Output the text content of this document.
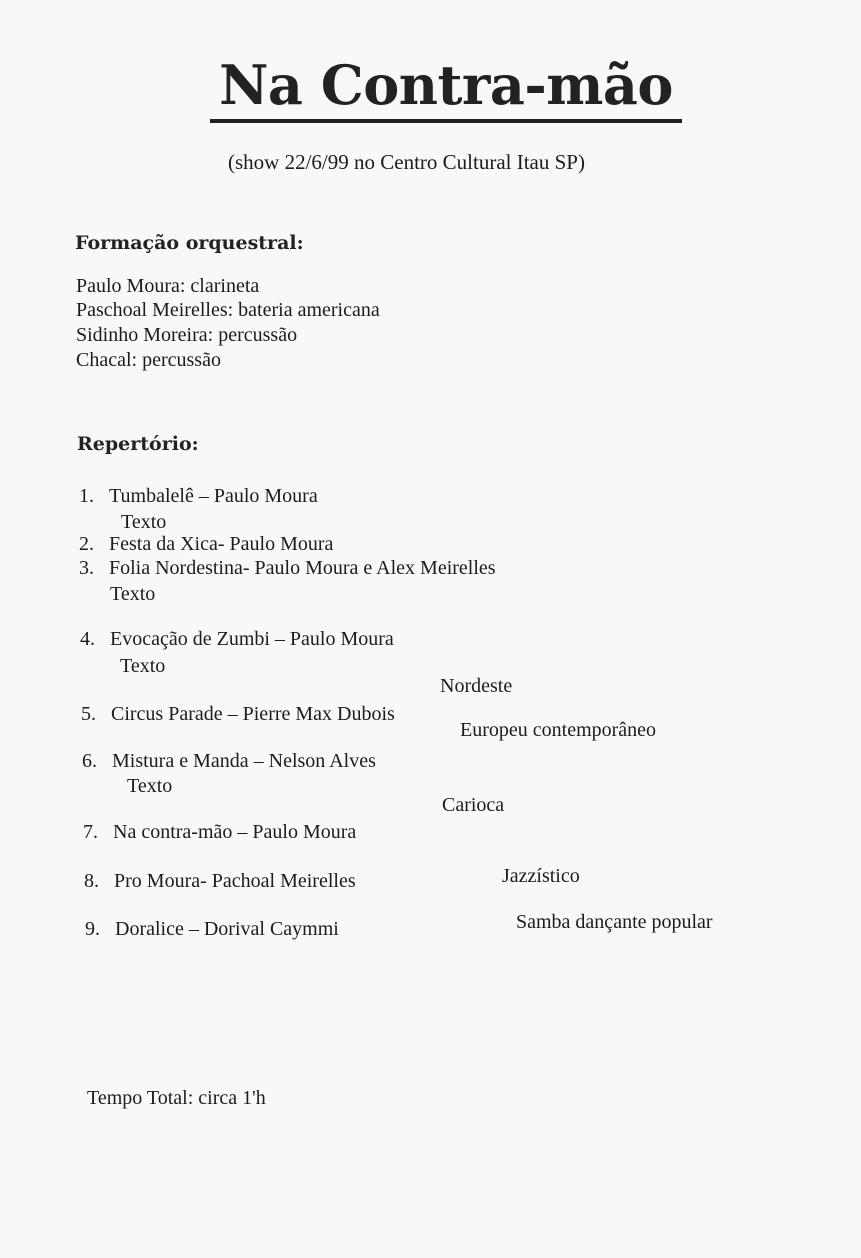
Na Contra-mão
(show 22/6/99 no Centro Cultural Itau SP)
Formação orquestral:
Paulo Moura: clarineta
Paschoal Meirelles: bateria americana
Sidinho Moreira: percussão
Chacal: percussão
Repertório:
1. Tumbalelê – Paulo Moura
Texto
2. Festa da Xica- Paulo Moura
3. Folia Nordestina- Paulo Moura e Alex Meirelles
Texto
4. Evocação de Zumbi – Paulo Moura
Texto
Nordeste
5. Circus Parade – Pierre Max Dubois
Europeu contemporâneo
6. Mistura e Manda – Nelson Alves
Texto
Carioca
7. Na contra-mão – Paulo Moura
8. Pro Moura- Pachoal Meirelles	Jazzístico
9. Doralice – Dorival Caymmi	Samba dançante popular
Tempo Total: circa 1'h
